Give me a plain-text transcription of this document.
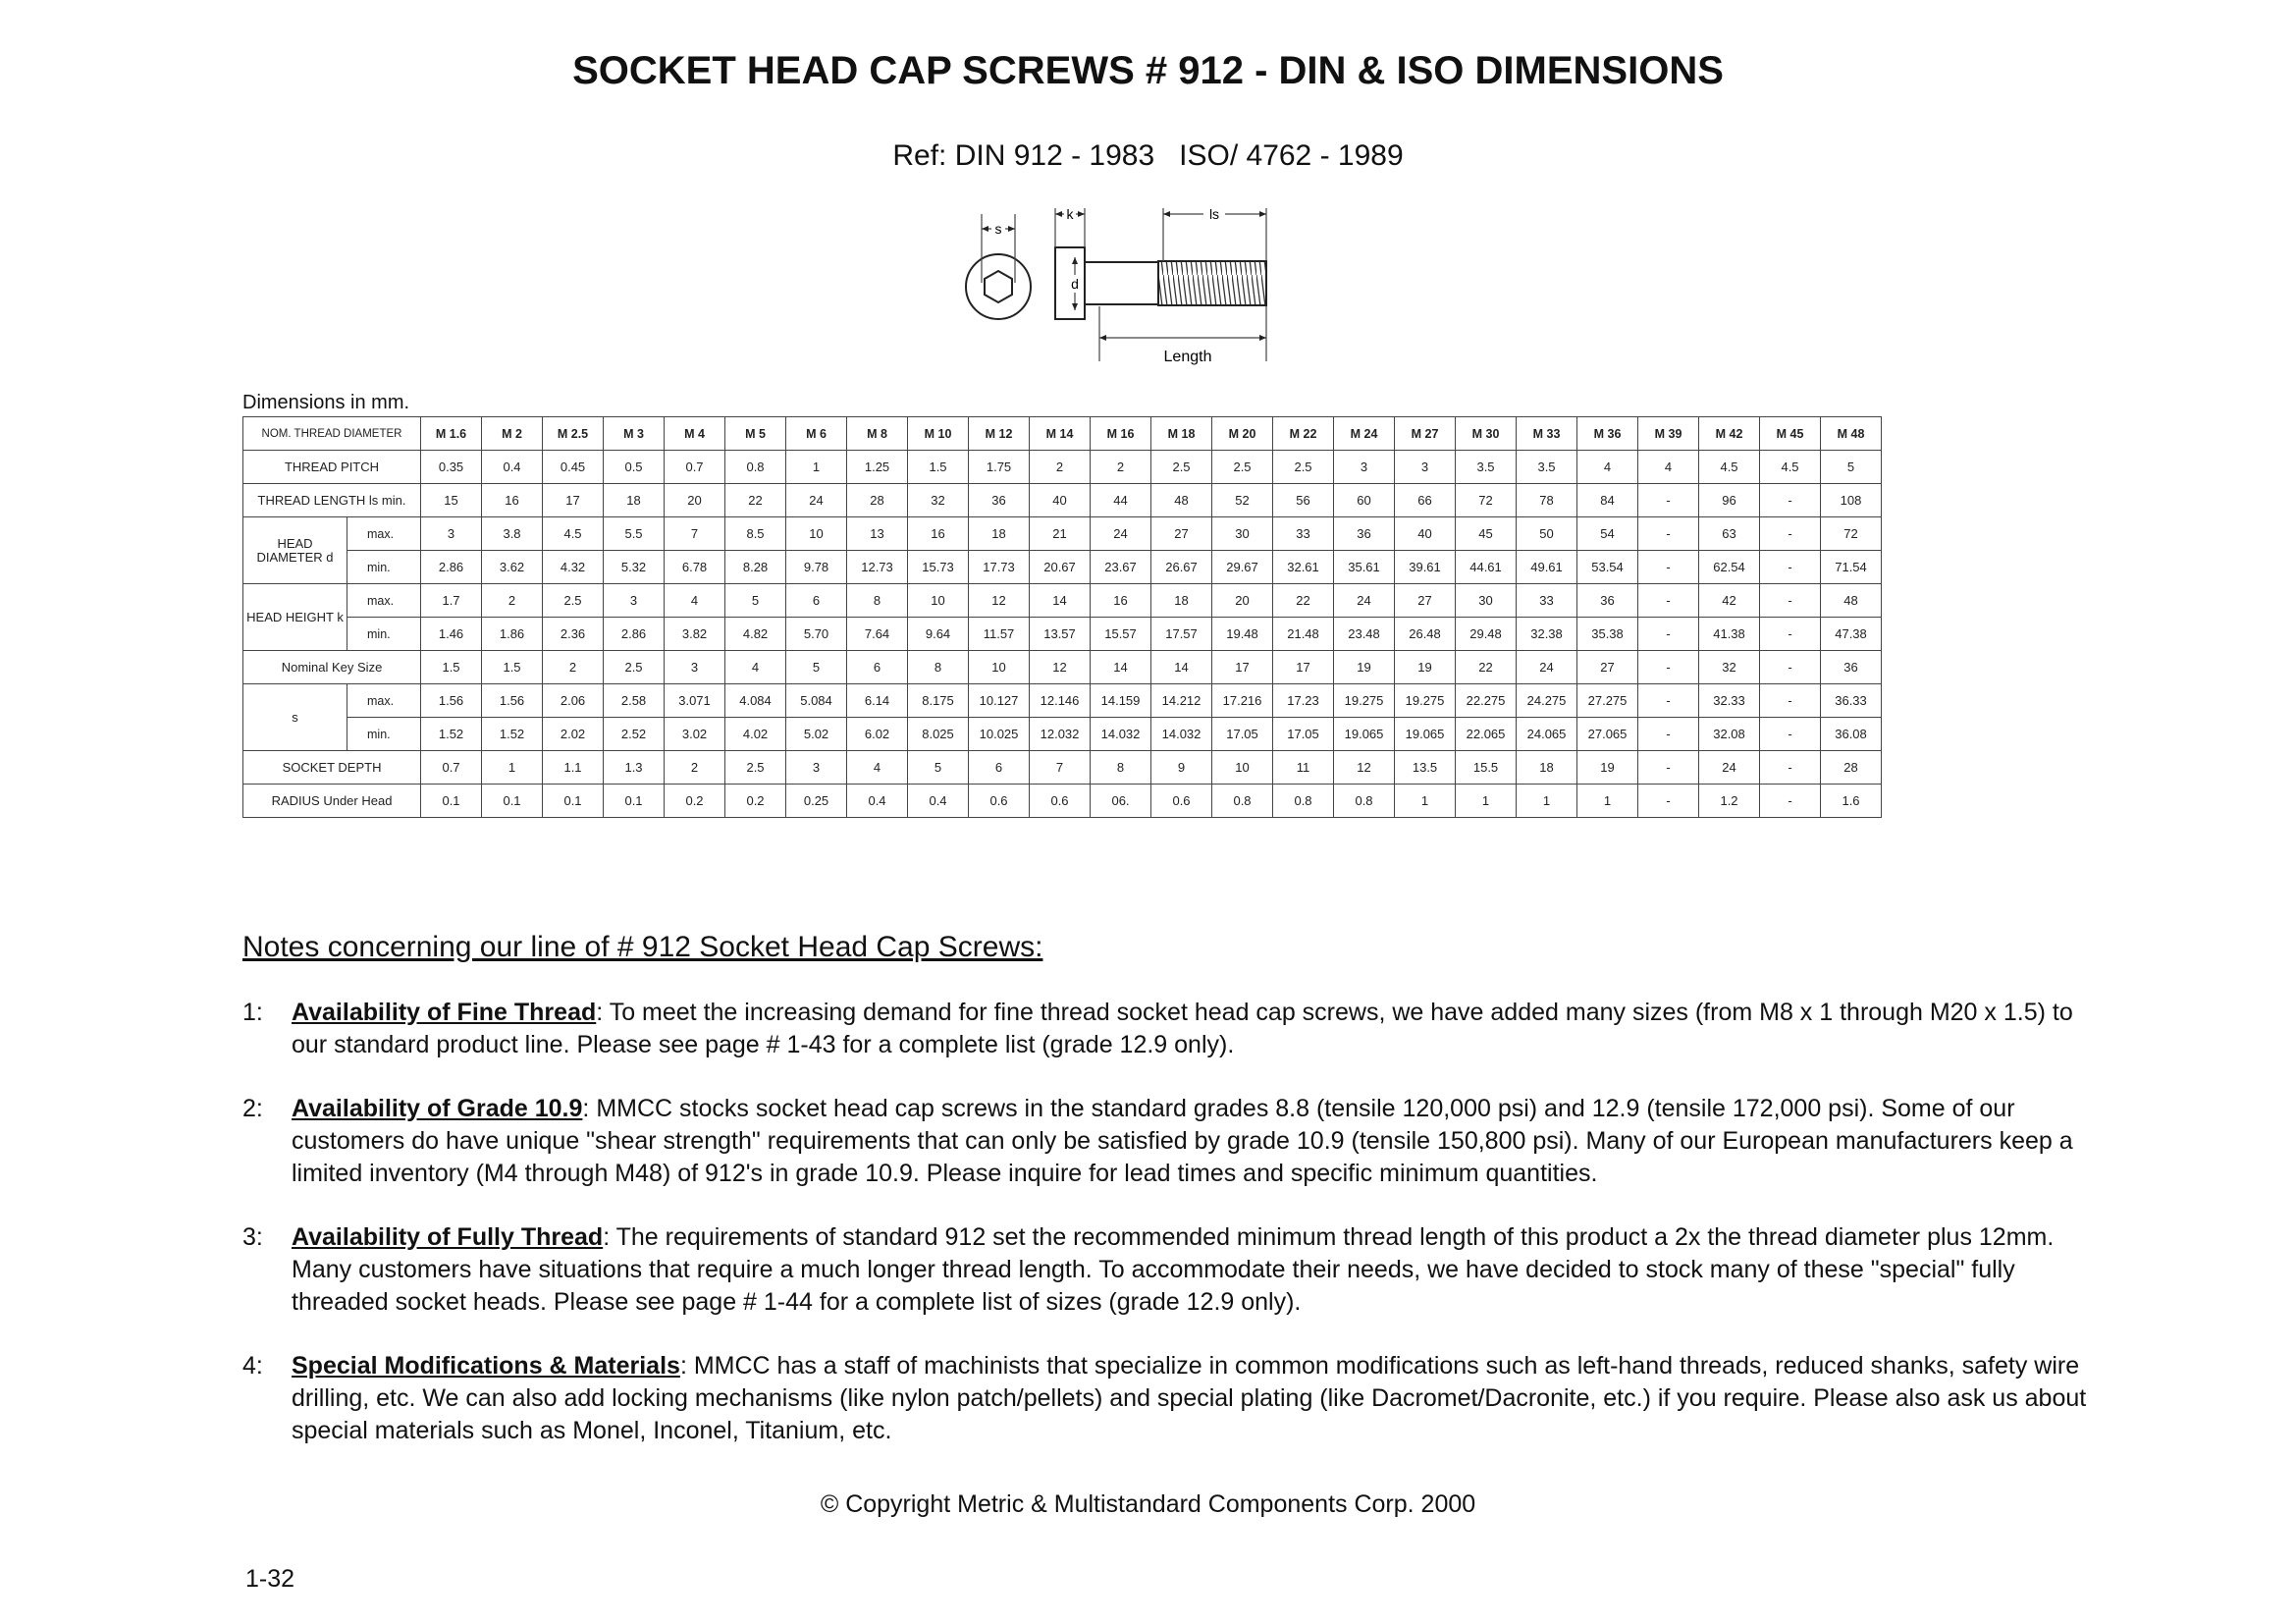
SOCKET HEAD CAP SCREWS # 912 - DIN & ISO DIMENSIONS
Ref: DIN 912 - 1983   ISO/ 4762 - 1989
s
k	ls
d
Length
Dimensions in mm.
NOM. THREAD DIAMETER		M 1.6	M 2	M 2.5	M 3	M 4	M 5	M 6	M 8	M 10	M 12	M 14	M 16	M 18	M 20	M 22	M 24	M 27	M 30	M 33	M 36	M 39	M 42	M 45	M 48
THREAD PITCH		0.35	0.4	0.45	0.5	0.7	0.8	1	1.25	1.5	1.75	2	2	2.5	2.5	2.5	3	3	3.5	3.5	4	4	4.5	4.5	5
THREAD LENGTH ls min.		15	16	17	18	20	22	24	28	32	36	40	44	48	52	56	60	66	72	78	84	-	96	-	108
HEAD DIAMETER d	max.	3	3.8	4.5	5.5	7	8.5	10	13	16	18	21	24	27	30	33	36	40	45	50	54	-	63	-	72
	min.	2.86	3.62	4.32	5.32	6.78	8.28	9.78	12.73	15.73	17.73	20.67	23.67	26.67	29.67	32.61	35.61	39.61	44.61	49.61	53.54	-	62.54	-	71.54
HEAD HEIGHT k	max.	1.7	2	2.5	3	4	5	6	8	10	12	14	16	18	20	22	24	27	30	33	36	-	42	-	48
	min.	1.46	1.86	2.36	2.86	3.82	4.82	5.70	7.64	9.64	11.57	13.57	15.57	17.57	19.48	21.48	23.48	26.48	29.48	32.38	35.38	-	41.38	-	47.38
Nominal Key Size		1.5	1.5	2	2.5	3	4	5	6	8	10	12	14	14	17	17	19	19	22	24	27	-	32	-	36
s	max.	1.56	1.56	2.06	2.58	3.071	4.084	5.084	6.14	8.175	10.127	12.146	14.159	14.212	17.216	17.23	19.275	19.275	22.275	24.275	27.275	-	32.33	-	36.33
	min.	1.52	1.52	2.02	2.52	3.02	4.02	5.02	6.02	8.025	10.025	12.032	14.032	14.032	17.05	17.05	19.065	19.065	22.065	24.065	27.065	-	32.08	-	36.08
SOCKET DEPTH		0.7	1	1.1	1.3	2	2.5	3	4	5	6	7	8	9	10	11	12	13.5	15.5	18	19	-	24	-	28
RADIUS Under Head		0.1	0.1	0.1	0.1	0.2	0.2	0.25	0.4	0.4	0.6	0.6	06.	0.6	0.8	0.8	0.8	1	1	1	1	-	1.2	-	1.6
Notes concerning our line of # 912 Socket Head Cap Screws:
1: Availability of Fine Thread: To meet the increasing demand for fine thread socket head cap screws, we have added many sizes (from M8 x 1 through M20 x 1.5) to our standard product line. Please see page # 1-43 for a complete list (grade 12.9 only).
2: Availability of Grade 10.9: MMCC stocks socket head cap screws in the standard grades 8.8 (tensile 120,000 psi) and 12.9 (tensile 172,000 psi). Some of our customers do have unique "shear strength" requirements that can only be satisfied by grade 10.9 (tensile 150,800 psi). Many of our European manufacturers keep a limited inventory (M4 through M48) of 912's in grade 10.9. Please inquire for lead times and specific minimum quantities.
3: Availability of Fully Thread: The requirements of standard 912 set the recommended minimum thread length of this product a 2x the thread diameter plus 12mm. Many customers have situations that require a much longer thread length. To accommodate their needs, we have decided to stock many of these "special" fully threaded socket heads. Please see page # 1-44 for a complete list of sizes (grade 12.9 only).
4: Special Modifications & Materials: MMCC has a staff of machinists that specialize in common modifications such as left-hand threads, reduced shanks, safety wire drilling, etc. We can also add locking mechanisms (like nylon patch/pellets) and special plating (like Dacromet/Dacronite, etc.) if you require. Please also ask us about special materials such as Monel, Inconel, Titanium, etc.
© Copyright Metric & Multistandard Components Corp. 2000
1-32
